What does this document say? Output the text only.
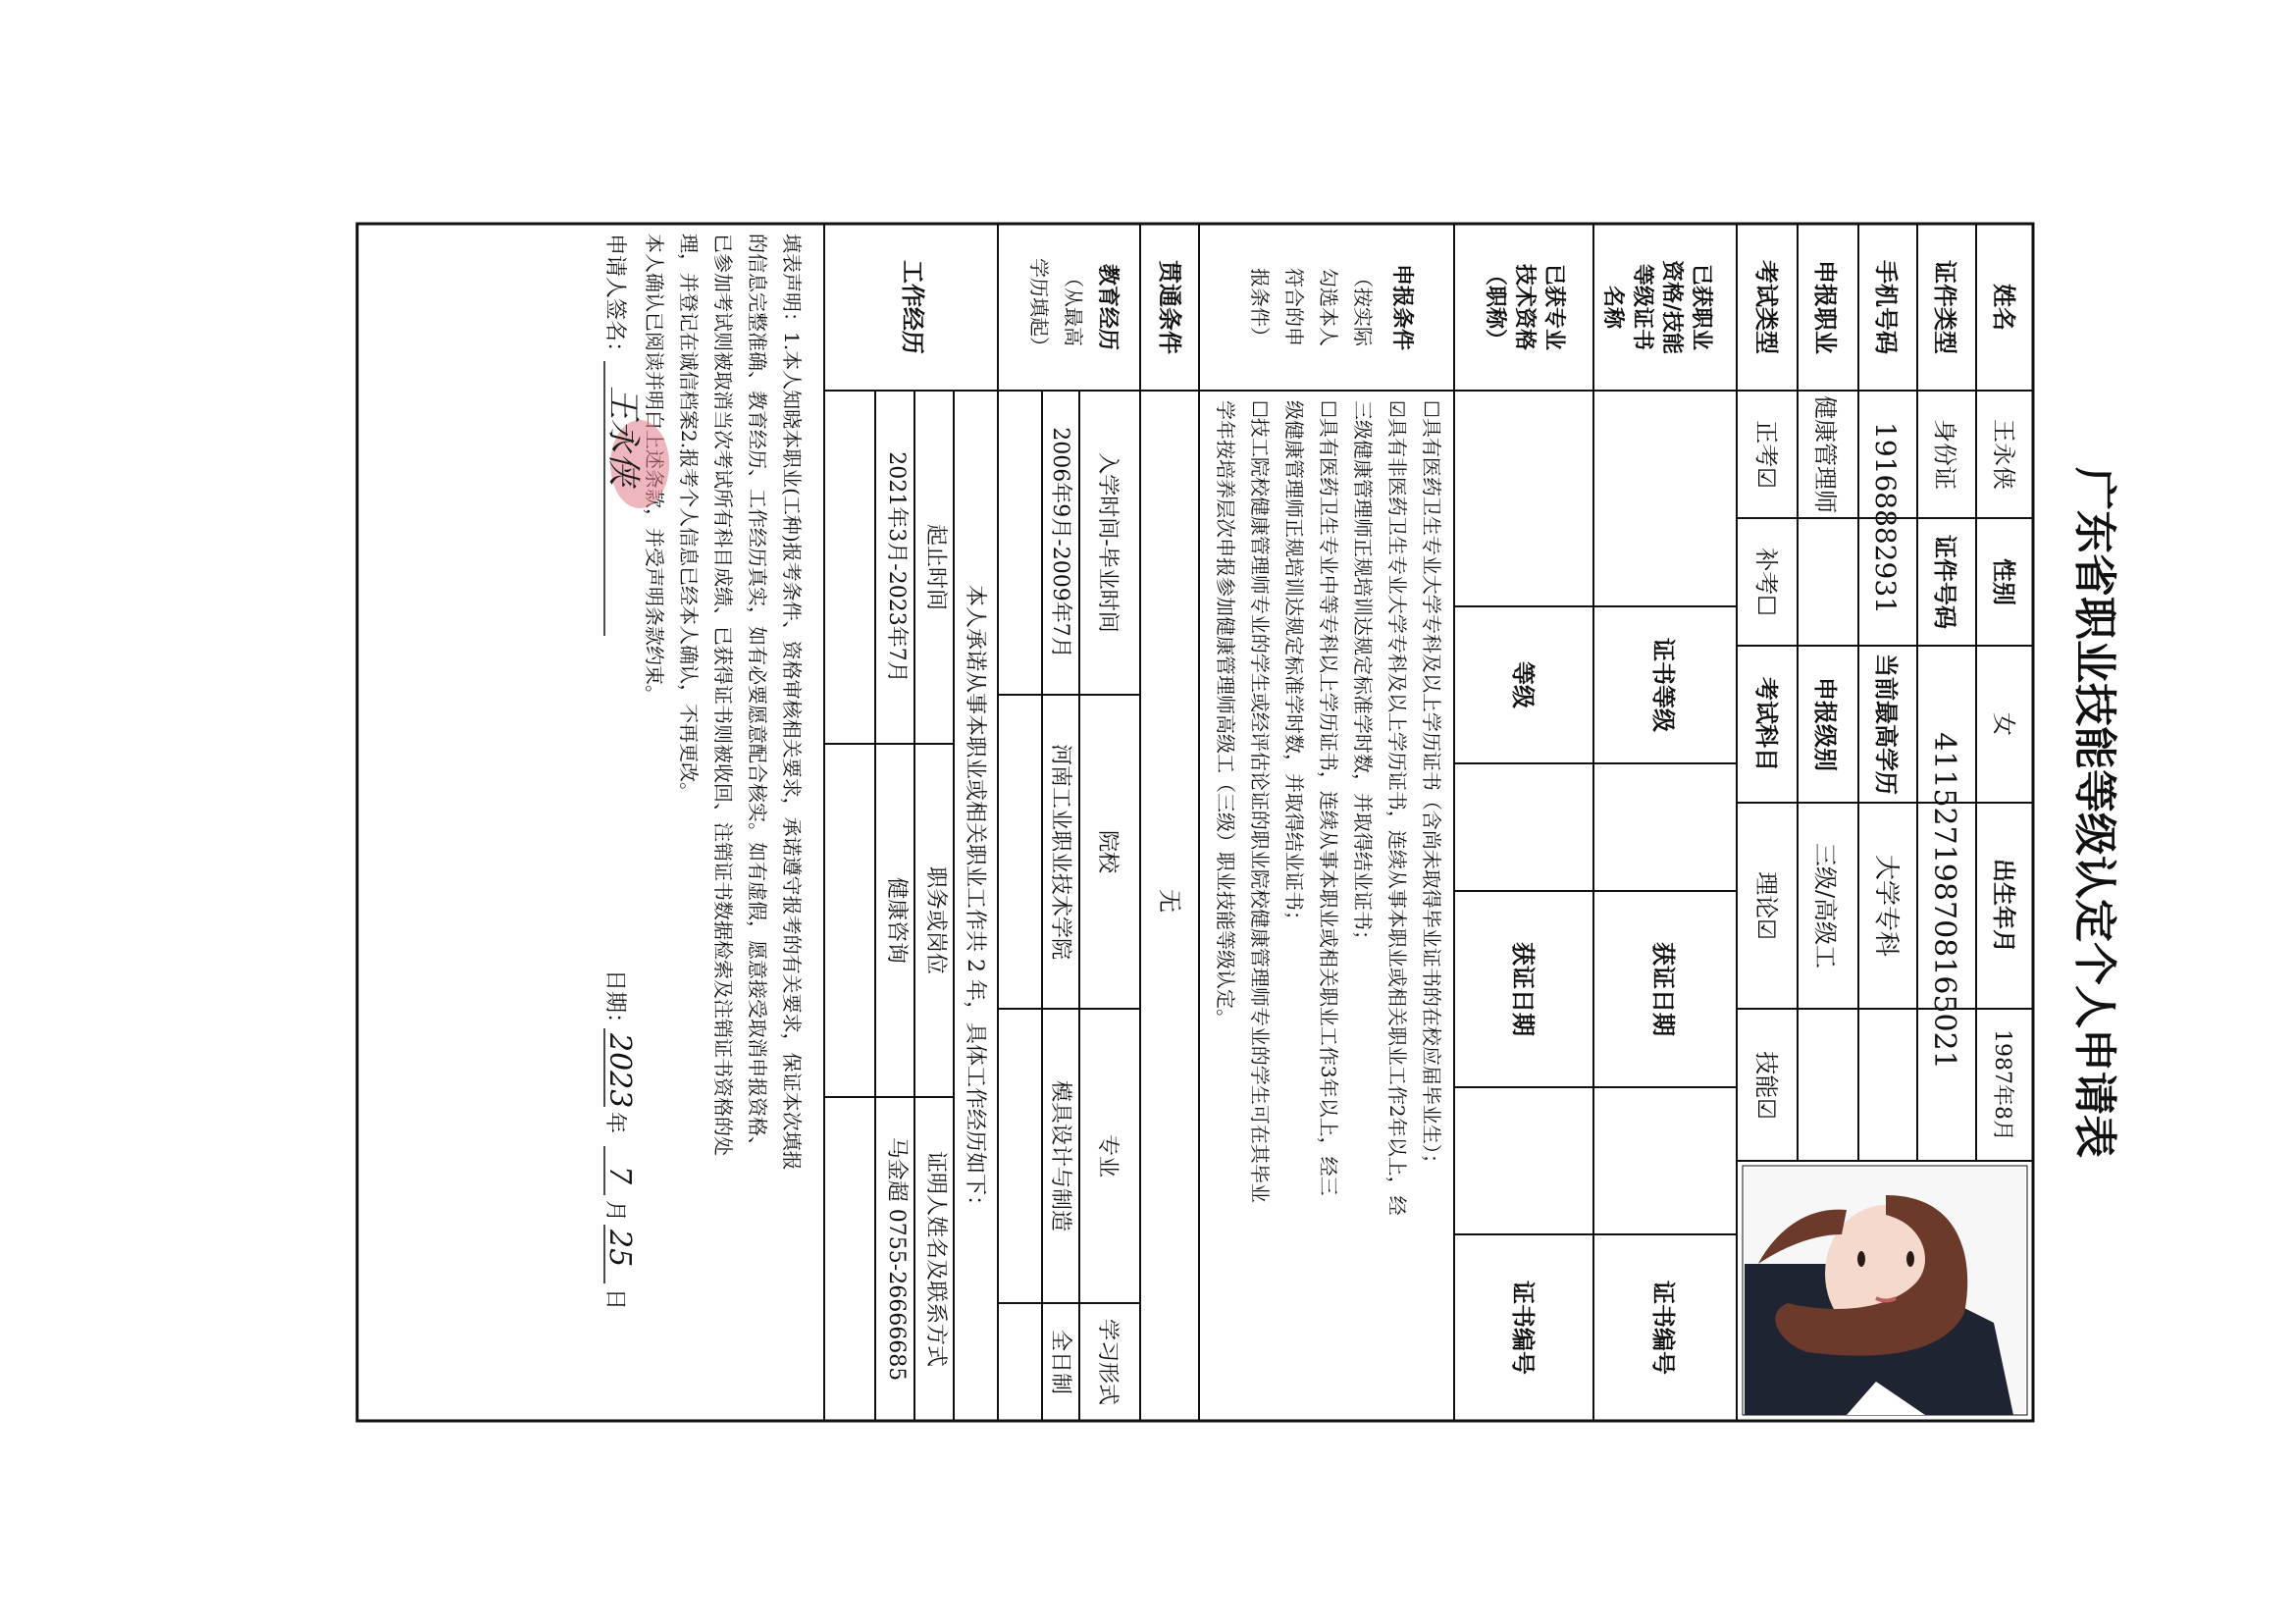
广东省职业技能等级认定个人申请表
姓名
王永侠
性别
女
出生年月
1987年8月
证件类型
身份证
证件号码
411527198708165021
手机号码
19168882931
当前最高学历
大学专科
申报职业
健康管理师
申报级别
三级/高级工
考试类型
正考☑
补考☐
考试科目
理论☑
技能☑
已获职业
资格/技能
等级证书
名称
证书等级
获证日期
证书编号
已获专业
技术资格
（职称）
等级
获证日期
证书编号
申报条件
（按实际
勾选本人
符合的申
报条件）
☐具有医药卫生专业大学专科及以上学历证书（含尚未取得毕业证书的在校应届毕业生）；
☑具有非医药卫生专业大学专科及以上学历证书，连续从事本职业或相关职业工作2年以上，经
三级健康管理师正规培训达规定标准学时数，并取得结业证书；
☐具有医药卫生专业中等专科以上学历证书，连续从事本职业或相关职业工作3年以上，经三
级健康管理师正规培训达规定标准学时数，并取得结业证书；
☐技工院校健康管理师专业的学生或经评估论证的职业院校健康管理师专业的学生可在其毕业
学年按培养层次申报参加健康管理师高级工（三级）职业技能等级认定。
贯通条件
无
教育经历
（从最高
学历填起）
入学时间-毕业时间
院校
专业
学习形式
2006年9月-2009年7月
河南工业职业技术学院
模具设计与制造
全日制
工作经历
本人承诺从事本职业或相关职业工作共 2 年，具体工作经历如下：
起止时间
职务或岗位
证明人姓名及联系方式
2021年3月-2023年7月
健康咨询
马金超 0755-26666685
填表声明：1.本人知晓本职业(工种)报考条件、资格审核相关要求，承诺遵守报考的有关要求，保证本次填报
的信息完整准确、教育经历、工作经历真实，如有必要愿意配合核实。如有虚假，愿意接受取消申报资格、
已参加考试则被取消当次考试所有科目成绩、已获得证书则被收回、注销证书数据检索及注销证书资格的处
理，并登记在诚信档案2.报考个人信息已经本人确认，不再更改。
申请人签名：
王永侠
日期：
2023
年
7
月
25
日
